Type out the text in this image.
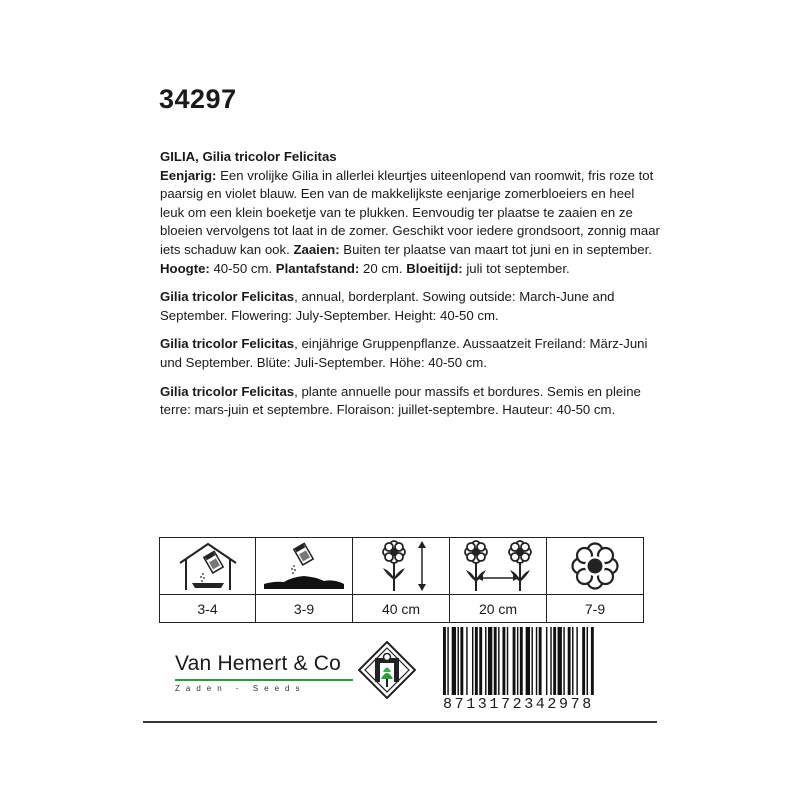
34297

GILIA, Gilia tricolor Felicitas
Eenjarig: Een vrolijke Gilia in allerlei kleurtjes uiteenlopend van roomwit, fris roze tot paarsig en violet blauw. Een van de makkelijkste eenjarige zomerbloeiers en heel leuk om een klein boeketje van te plukken. Eenvoudig ter plaatse te zaaien en ze bloeien vervolgens tot laat in de zomer. Geschikt voor iedere grondsoort, zonnig maar iets schaduw kan ook. Zaaien: Buiten ter plaatse van maart tot juni en in september.
Hoogte: 40-50 cm. Plantafstand: 20 cm. Bloeitijd: juli tot september.

Gilia tricolor Felicitas, annual, borderplant. Sowing outside: March-June and September. Flowering: July-September. Height: 40-50 cm.

Gilia tricolor Felicitas, einjährige Gruppenpflanze. Aussaatzeit Freiland: März-Juni und September. Blüte: Juli-September. Höhe: 40-50 cm.

Gilia tricolor Felicitas, plante annuelle pour massifs et bordures. Semis en pleine terre: mars-juin et septembre. Floraison: juillet-septembre. Hauteur: 40-50 cm.

3-4	3-9	40 cm	20 cm	7-9
Van Hemert & Co
Zaden - Seeds
8713172342978
